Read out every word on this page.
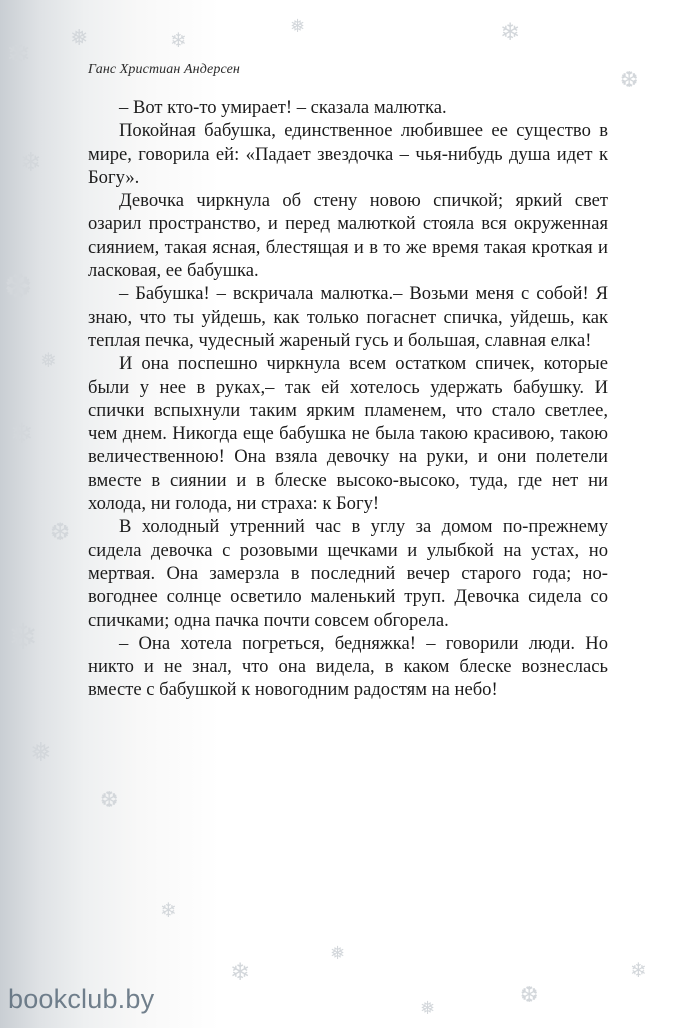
❄ ❅
❄
❆
❅
❄
❆
❄
❅
❆
❄
❅
❄
❆
❄
❅
❄
❅
❆
❄
Ганс Христиан Андерсен

– Вот кто-то умирает! – сказала малютка.

Покойная бабушка, единственное любившее ее существо в мире, говорила ей: «Падает звездочка – чья-нибудь душа идет к Богу».

Девочка чиркнула об стену новою спичкой; яркий свет озарил пространство, и перед малюткой стояла вся окруженная сиянием, такая ясная, блестящая и в то же время такая кроткая и ласковая, ее бабушка.

– Бабушка! – вскричала малютка.– Возьми меня с собой! Я знаю, что ты уйдешь, как только погаснет спичка, уйдешь, как теплая печка, чудесный жареный гусь и большая, славная елка!

И она поспешно чиркнула всем остатком спичек, которые были у нее в руках,– так ей хотелось удержать бабушку. И спички вспыхнули таким ярким пламенем, что стало светлее, чем днем. Никогда еще бабушка не была такою красивою, такою величественною! Она взяла девочку на руки, и они полетели вместе в сиянии и в блеске высоко-высоко, туда, где нет ни холода, ни голода, ни страха: к Богу!

В холодный утренний час в углу за домом по-прежнему сидела девочка с розовыми щечками и улыбкой на устах, но мертвая. Она замерзла в последний вечер старого года; новогоднее солнце осветило маленький труп. Девочка сидела со спичками; одна пачка почти совсем обгорела.

– Она хотела погреться, бедняжка! – говорили люди. Но никто и не знал, что она видела, в каком блеске вознеслась вместе с бабушкой к новогодним радостям на небо!

bookclub.by
